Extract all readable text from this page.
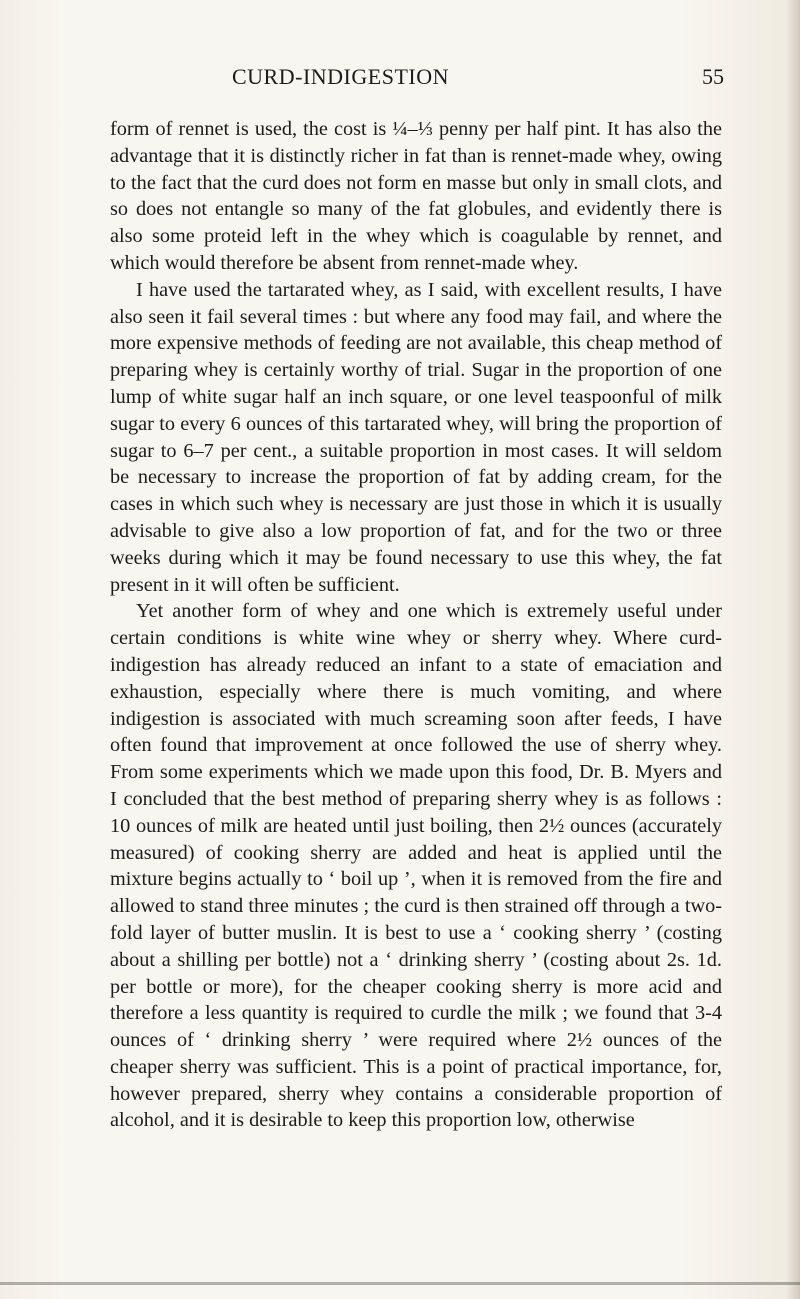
CURD-INDIGESTION	55

form of rennet is used, the cost is ¼–⅓ penny per half pint. It has also the advantage that it is distinctly richer in fat than is rennet-made whey, owing to the fact that the curd does not form en masse but only in small clots, and so does not entangle so many of the fat globules, and evidently there is also some proteid left in the whey which is coagulable by rennet, and which would therefore be absent from rennet-made whey.

I have used the tartarated whey, as I said, with excellent results, I have also seen it fail several times : but where any food may fail, and where the more expensive methods of feeding are not available, this cheap method of preparing whey is certainly worthy of trial. Sugar in the proportion of one lump of white sugar half an inch square, or one level teaspoonful of milk sugar to every 6 ounces of this tartarated whey, will bring the proportion of sugar to 6–7 per cent., a suitable proportion in most cases. It will seldom be necessary to increase the proportion of fat by adding cream, for the cases in which such whey is necessary are just those in which it is usually advisable to give also a low proportion of fat, and for the two or three weeks during which it may be found necessary to use this whey, the fat present in it will often be sufficient.

Yet another form of whey and one which is extremely useful under certain conditions is white wine whey or sherry whey. Where curd-indigestion has already reduced an infant to a state of emaciation and exhaustion, especially where there is much vomiting, and where indigestion is associated with much screaming soon after feeds, I have often found that improvement at once followed the use of sherry whey. From some experiments which we made upon this food, Dr. B. Myers and I concluded that the best method of preparing sherry whey is as follows : 10 ounces of milk are heated until just boiling, then 2½ ounces (accurately measured) of cooking sherry are added and heat is applied until the mixture begins actually to ‘ boil up ’, when it is removed from the fire and allowed to stand three minutes ; the curd is then strained off through a two-fold layer of butter muslin. It is best to use a ‘ cooking sherry ’ (costing about a shilling per bottle) not a ‘ drinking sherry ’ (costing about 2s. 1d. per bottle or more), for the cheaper cooking sherry is more acid and therefore a less quantity is required to curdle the milk ; we found that 3-4 ounces of ‘ drinking sherry ’ were required where 2½ ounces of the cheaper sherry was sufficient. This is a point of practical importance, for, however prepared, sherry whey contains a considerable proportion of alcohol, and it is desirable to keep this proportion low, otherwise
